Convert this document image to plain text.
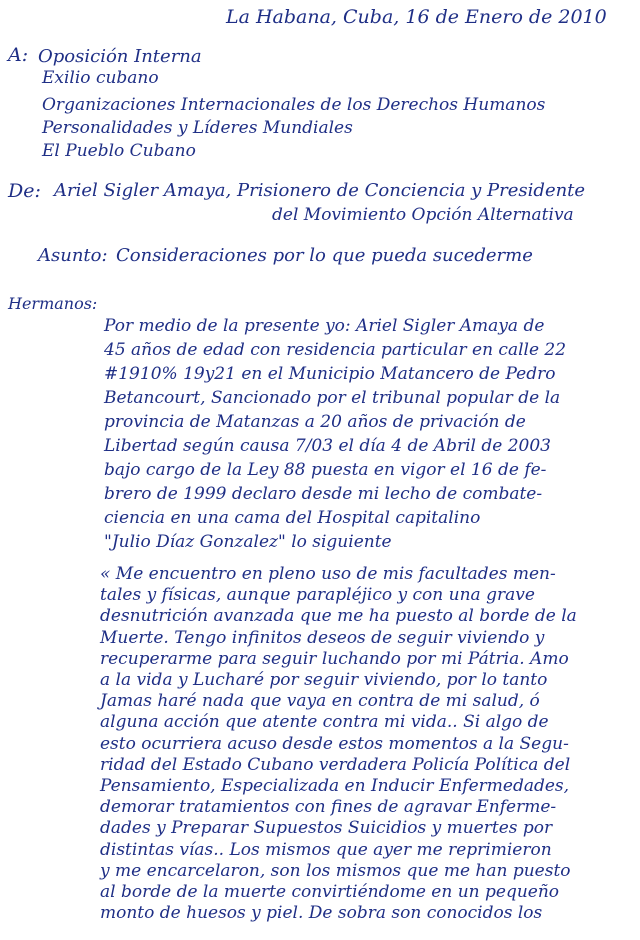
La Habana, Cuba, 16 de Enero de 2010
A: Oposición Interna
Exilio cubano
Organizaciones Internacionales de los Derechos Humanos
Personalidades y Líderes Mundiales
El Pueblo Cubano
De: Ariel Sigler Amaya, Prisionero de Conciencia y Presidente
del Movimiento Opción Alternativa
Asunto: Consideraciones por lo que pueda sucederme
Hermanos:
Por medio de la presente yo: Ariel Sigler Amaya de
45 años de edad con residencia particular en calle 22
#1910% 19y21 en el Municipio Matancero de Pedro
Betancourt, Sancionado por el tribunal popular de la
provincia de Matanzas a 20 años de privación de
Libertad según causa 7/03 el día 4 de Abril de 2003
bajo cargo de la Ley 88 puesta en vigor el 16 de fe-
brero de 1999 declaro desde mi lecho de combate-
ciencia en una cama del Hospital capitalino
"Julio Díaz Gonzalez" lo siguiente
« Me encuentro en pleno uso de mis facultades men-
tales y físicas, aunque parapléjico y con una grave
desnutrición avanzada que me ha puesto al borde de la
Muerte. Tengo infinitos deseos de seguir viviendo y
recuperarme para seguir luchando por mi Pátria. Amo
a la vida y Lucharé por seguir viviendo, por lo tanto
Jamas haré nada que vaya en contra de mi salud, ó
alguna acción que atente contra mi vida.. Si algo de
esto ocurriera acuso desde estos momentos a la Segu-
ridad del Estado Cubano verdadera Policía Política del
Pensamiento, Especializada en Inducir Enfermedades,
demorar tratamientos con fines de agravar Enferme-
dades y Preparar Supuestos Suicidios y muertes por
distintas vías.. Los mismos que ayer me reprimieron
y me encarcelaron, son los mismos que me han puesto
al borde de la muerte convirtiéndome en un pequeño
monto de huesos y piel. De sobra son conocidos los
